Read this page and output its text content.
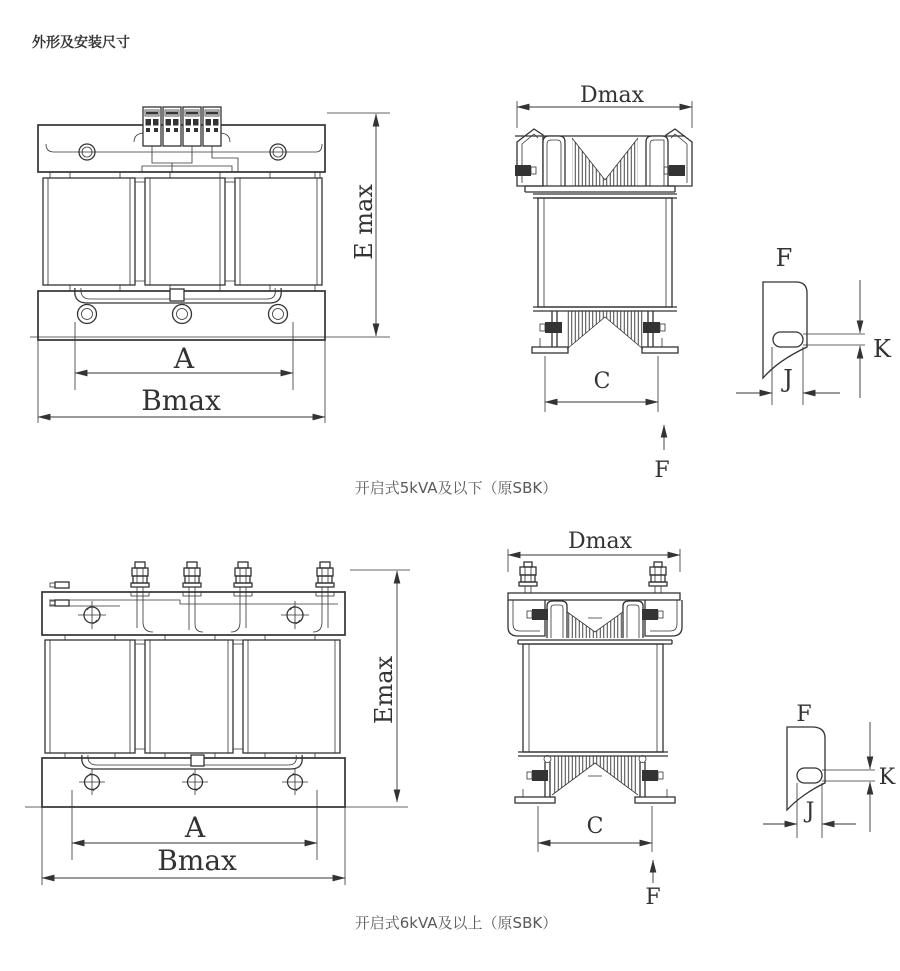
外形及安装尺寸
A
Bmax
E max
Dmax
C
F
F
K
J
开启式5kVA及以下（原SBK）
A
Bmax
Emax
Dmax
C
F
F
K
J
开启式6kVA及以上（原SBK）
